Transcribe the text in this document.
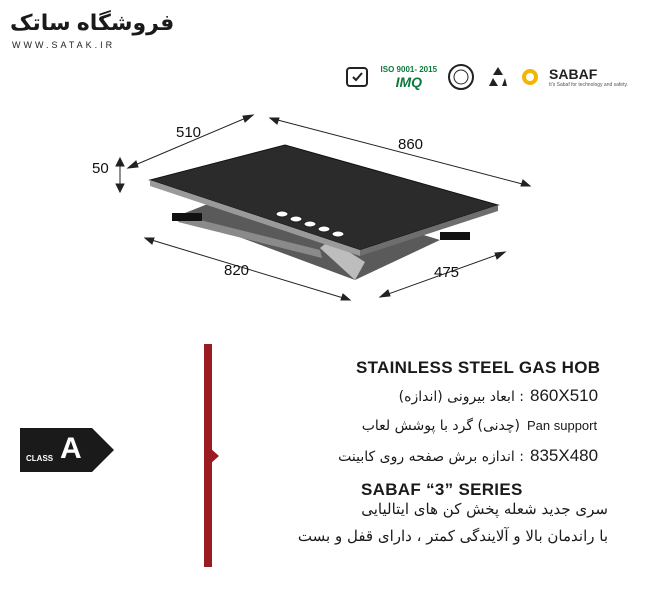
فروشگاه ساتک
WWW.SATAK.IR
ISO 9001- 2015
IMQ	SABAF
It's Sabaf for technology and safety.
510
860
50
820	475
CLASS A
STAINLESS STEEL GAS HOB
860X510
: ابعاد بیرونی (اندازه)
Pan support
(چدنی) گرد با پوشش لعاب
835X480
: اندازه برش صفحه روی کابینت
SABAF “3” SERIES
سری جدید شعله پخش کن های ایتالیایی
با راندمان بالا و آلایندگی کمتر ، دارای قفل و بست
